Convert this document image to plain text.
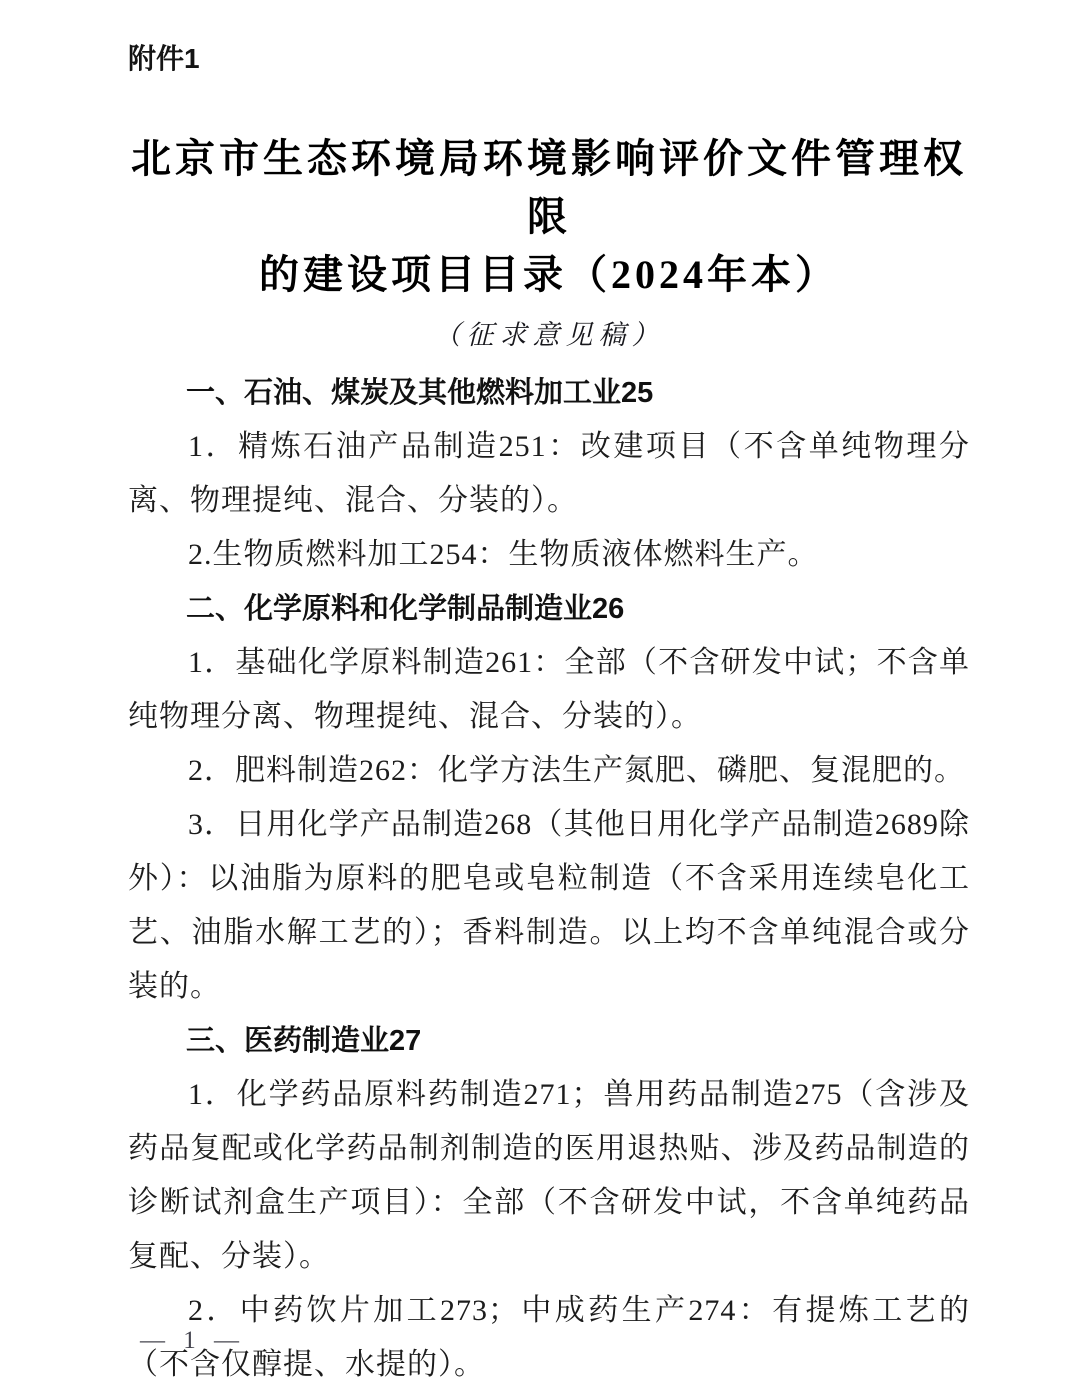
附件1
北京市生态环境局环境影响评价文件管理权限
的建设项目目录（2024年本）
（征求意见稿）
一、石油、煤炭及其他燃料加工业25

1．精炼石油产品制造251：改建项目（不含单纯物理分离、物理提纯、混合、分装的）。

2.生物质燃料加工254：生物质液体燃料生产。

二、化学原料和化学制品制造业26

1．基础化学原料制造261：全部（不含研发中试；不含单纯物理分离、物理提纯、混合、分装的）。

2．肥料制造262：化学方法生产氮肥、磷肥、复混肥的。

3．日用化学产品制造268（其他日用化学产品制造2689除外）：以油脂为原料的肥皂或皂粒制造（不含采用连续皂化工艺、油脂水解工艺的）；香料制造。以上均不含单纯混合或分装的。

三、医药制造业27

1．化学药品原料药制造271；兽用药品制造275（含涉及药品复配或化学药品制剂制造的医用退热贴、涉及药品制造的诊断试剂盒生产项目）：全部（不含研发中试，不含单纯药品复配、分装）。

2．中药饮片加工273；中成药生产274：有提炼工艺的（不含仅醇提、水提的）。

— 1 —
